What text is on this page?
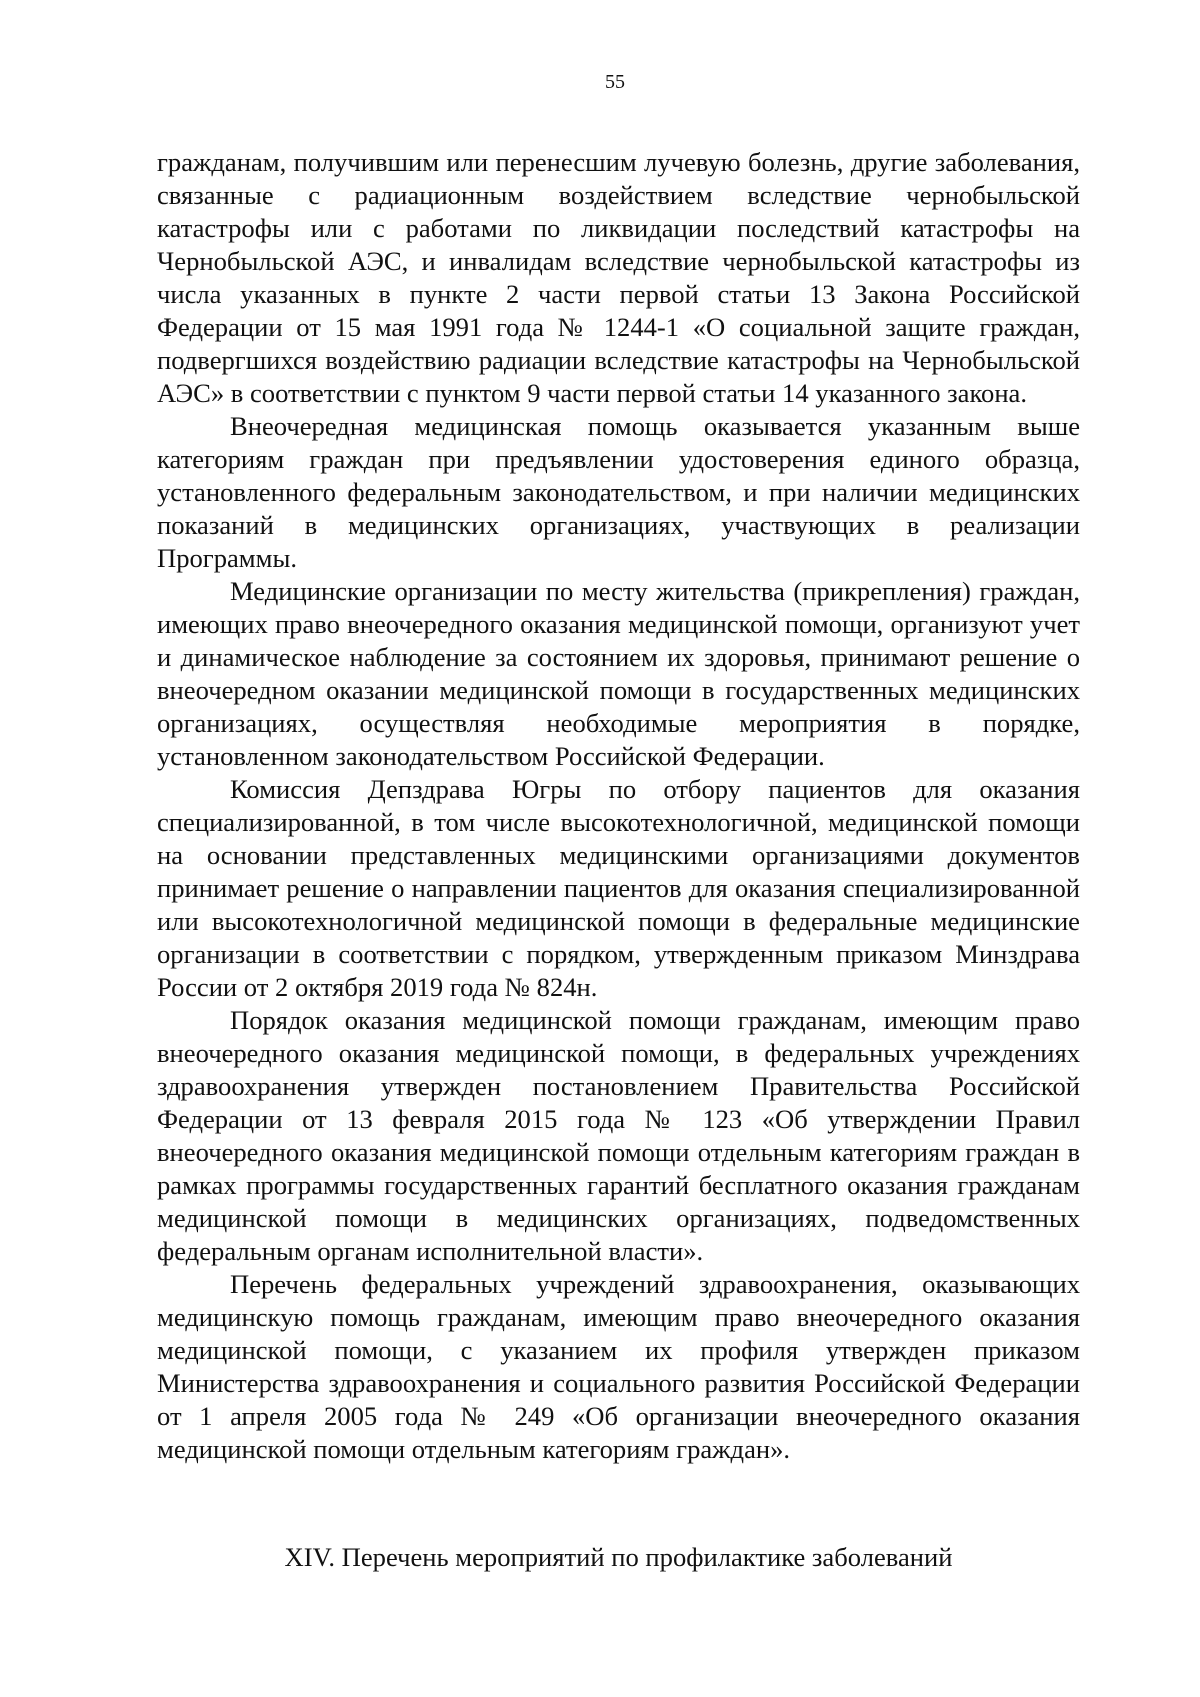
55

гражданам, получившим или перенесшим лучевую болезнь, другие заболевания, связанные с радиационным воздействием вследствие чернобыльской катастрофы или с работами по ликвидации последствий катастрофы на Чернобыльской АЭС, и инвалидам вследствие чернобыльской катастрофы из числа указанных в пункте 2 части первой статьи 13 Закона Российской Федерации от 15 мая 1991 года № 1244-1 «О социальной защите граждан, подвергшихся воздействию радиации вследствие катастрофы на Чернобыльской АЭС» в соответствии с пунктом 9 части первой статьи 14 указанного закона.

Внеочередная медицинская помощь оказывается указанным выше категориям граждан при предъявлении удостоверения единого образца, установленного федеральным законодательством, и при наличии медицинских показаний в медицинских организациях, участвующих в реализации Программы.

Медицинские организации по месту жительства (прикрепления) граждан, имеющих право внеочередного оказания медицинской помощи, организуют учет и динамическое наблюдение за состоянием их здоровья, принимают решение о внеочередном оказании медицинской помощи в государственных медицинских организациях, осуществляя необходимые мероприятия в порядке, установленном законодательством Российской Федерации.

Комиссия Депздрава Югры по отбору пациентов для оказания специализированной, в том числе высокотехнологичной, медицинской помощи на основании представленных медицинскими организациями документов принимает решение о направлении пациентов для оказания специализированной или высокотехнологичной медицинской помощи в федеральные медицинские организации в соответствии с порядком, утвержденным приказом Минздрава России от 2 октября 2019 года № 824н.

Порядок оказания медицинской помощи гражданам, имеющим право внеочередного оказания медицинской помощи, в федеральных учреждениях здравоохранения утвержден постановлением Правительства Российской Федерации от 13 февраля 2015 года № 123 «Об утверждении Правил внеочередного оказания медицинской помощи отдельным категориям граждан в рамках программы государственных гарантий бесплатного оказания гражданам медицинской помощи в медицинских организациях, подведомственных федеральным органам исполнительной власти».

Перечень федеральных учреждений здравоохранения, оказывающих медицинскую помощь гражданам, имеющим право внеочередного оказания медицинской помощи, с указанием их профиля утвержден приказом Министерства здравоохранения и социального развития Российской Федерации от 1 апреля 2005 года № 249 «Об организации внеочередного оказания медицинской помощи отдельным категориям граждан».

XIV. Перечень мероприятий по профилактике заболеваний
